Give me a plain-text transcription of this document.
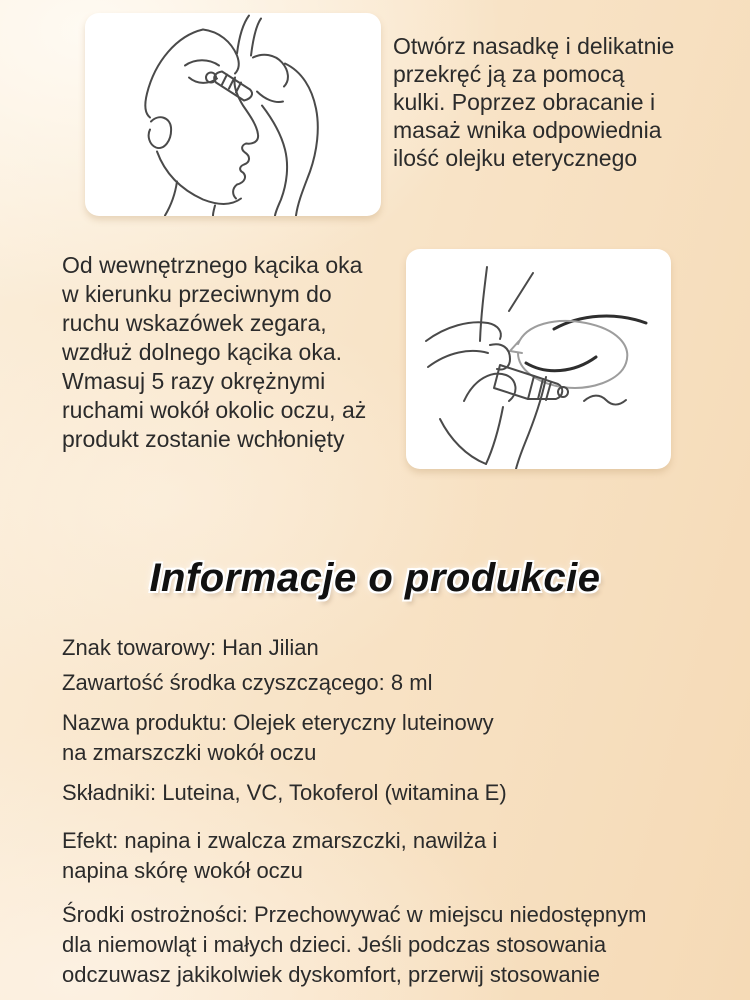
Otwórz nasadkę i delikatnie
przekręć ją za pomocą
kulki. Poprzez obracanie i
masaż wnika odpowiednia
ilość olejku eterycznego
Od wewnętrznego kącika oka
w kierunku przeciwnym do
ruchu wskazówek zegara,
wzdłuż dolnego kącika oka.
Wmasuj 5 razy okrężnymi
ruchami wokół okolic oczu, aż
produkt zostanie wchłonięty
Informacje o produkcie

Znak towarowy: Han Jilian

Zawartość środka czyszczącego: 8 ml

Nazwa produktu: Olejek eteryczny luteinowy
na zmarszczki wokół oczu

Składniki: Luteina, VC, Tokoferol (witamina E)

Efekt: napina i zwalcza zmarszczki, nawilża i
napina skórę wokół oczu

Środki ostrożności: Przechowywać w miejscu niedostępnym
dla niemowląt i małych dzieci. Jeśli podczas stosowania
odczuwasz jakikolwiek dyskomfort, przerwij stosowanie
